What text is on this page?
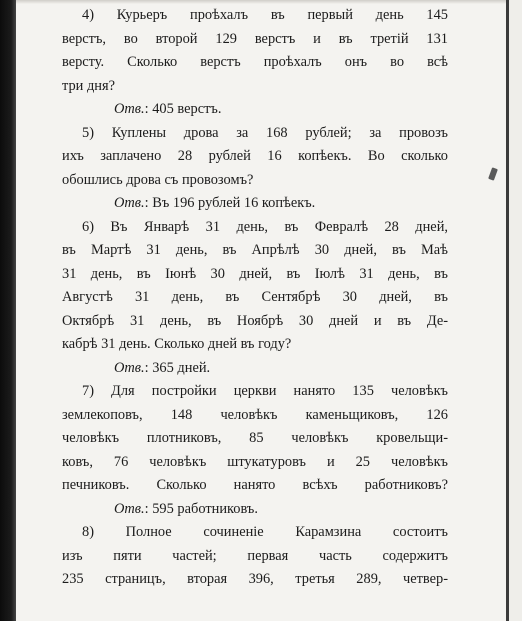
4) Курьеръ проѣхалъ въ первый день 145
верстъ, во второй 129 верстъ и въ третій 131
версту. Сколько верстъ проѣхалъ онъ во всѣ
три дня?
Отв.: 405 верстъ.
5) Куплены дрова за 168 рублей; за провозъ
ихъ заплачено 28 рублей 16 копѣекъ. Во сколько
обошлись дрова съ провозомъ?
Отв.: Въ 196 рублей 16 копѣекъ.
6) Въ Январѣ 31 день, въ Февралѣ 28 дней,
въ Мартѣ 31 день, въ Апрѣлѣ 30 дней, въ Маѣ
31 день, въ Іюнѣ 30 дней, въ Іюлѣ 31 день, въ
Августѣ 31 день, въ Сентябрѣ 30 дней, въ
Октябрѣ 31 день, въ Ноябрѣ 30 дней и въ Де-
кабрѣ 31 день. Сколько дней въ году?
Отв.: 365 дней.
7) Для постройки церкви нанято 135 человѣкъ
землекоповъ, 148 человѣкъ каменьщиковъ, 126
человѣкъ плотниковъ, 85 человѣкъ кровельщи-
ковъ, 76 человѣкъ штукатуровъ и 25 человѣкъ
печниковъ. Сколько нанято всѣхъ работниковъ?
Отв.: 595 работниковъ.
8) Полное сочиненіе Карамзина состоитъ
изъ пяти частей; первая часть содержитъ
235 страницъ, вторая 396, третья 289, четвер-
